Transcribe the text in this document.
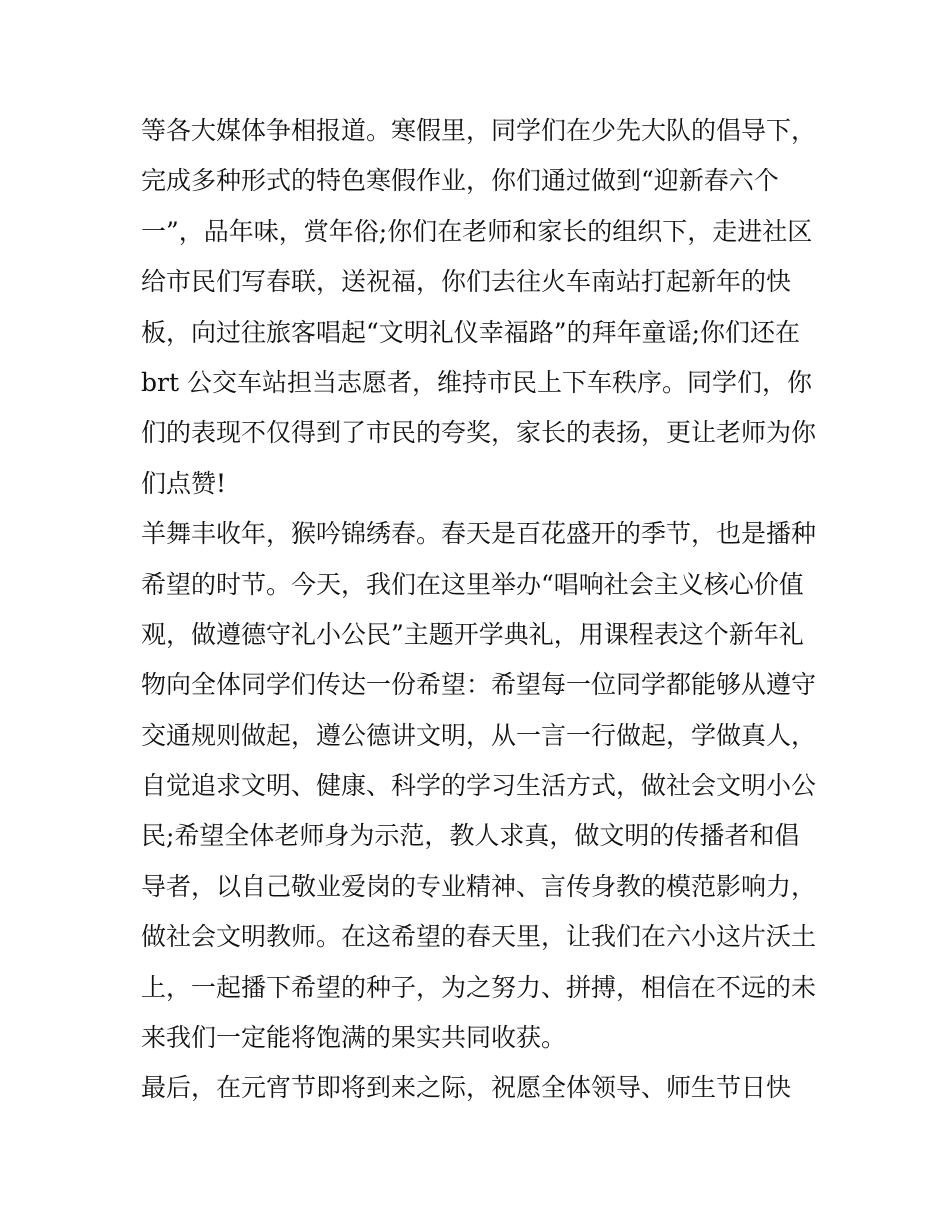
等各大媒体争相报道。寒假里，同学们在少先大队的倡导下，
完成多种形式的特色寒假作业，你们通过做到“迎新春六个
一”，品年味，赏年俗;你们在老师和家长的组织下，走进社区
给市民们写春联，送祝福，你们去往火车南站打起新年的快
板，向过往旅客唱起“文明礼仪幸福路”的拜年童谣;你们还在
brt 公交车站担当志愿者，维持市民上下车秩序。同学们，你
们的表现不仅得到了市民的夸奖，家长的表扬，更让老师为你
们点赞!
羊舞丰收年，猴吟锦绣春。春天是百花盛开的季节，也是播种
希望的时节。今天，我们在这里举办“唱响社会主义核心价值
观，做遵德守礼小公民”主题开学典礼，用课程表这个新年礼
物向全体同学们传达一份希望：希望每一位同学都能够从遵守
交通规则做起，遵公德讲文明，从一言一行做起，学做真人，
自觉追求文明、健康、科学的学习生活方式，做社会文明小公
民;希望全体老师身为示范，教人求真，做文明的传播者和倡
导者，以自己敬业爱岗的专业精神、言传身教的模范影响力，
做社会文明教师。在这希望的春天里，让我们在六小这片沃土
上，一起播下希望的种子，为之努力、拼搏，相信在不远的未
来我们一定能将饱满的果实共同收获。
最后，在元宵节即将到来之际，祝愿全体领导、师生节日快
